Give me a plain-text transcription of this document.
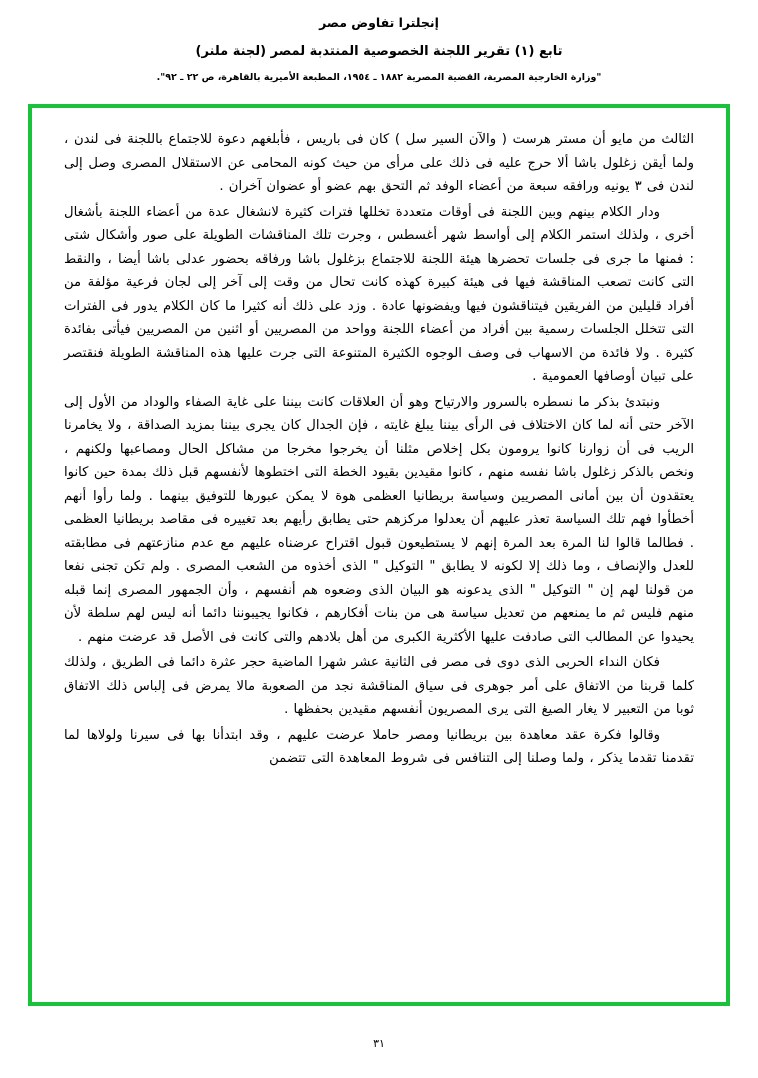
إنجلترا تفاوض مصر
تابع (١) تقرير اللجنة الخصوصية المنتدبة لمصر (لجنة ملنر)
"وزارة الخارجية المصرية، القضية المصرية ١٨٨٢ ـ ١٩٥٤، المطبعة الأميرية بالقاهرة، ص ٢٢ ـ ٩٢".

الثالث من مايو أن مستر هرست ( والآن السير سل ) كان فى باريس ، فأبلغهم دعوة للاجتماع باللجنة فى لندن ، ولما أيقن زغلول باشا ألا حرج عليه فى ذلك على مرأى من حيث كونه المحامى عن الاستقلال المصرى وصل إلى لندن فى ٣ يونيه ورافقه سبعة من أعضاء الوفد ثم التحق بهم عضو أو عضوان آخران .

ودار الكلام بينهم وبين اللجنة فى أوقات متعددة تخللها فترات كثيرة لانشغال عدة من أعضاء اللجنة بأشغال أخرى ، ولذلك استمر الكلام إلى أواسط شهر أغسطس ، وجرت تلك المناقشات الطويلة على صور وأشكال شتى : فمنها ما جرى فى جلسات تحضرها هيئة اللجنة للاجتماع بزغلول باشا ورفاقه بحضور عدلى باشا أيضا ، والنقط التى كانت تصعب المناقشة فيها فى هيئة كبيرة كهذه كانت تحال من وقت إلى آخر إلى لجان فرعية مؤلفة من أفراد قليلين من الفريقين فيتناقشون فيها ويفضونها عادة . وزد على ذلك أنه كثيرا ما كان الكلام يدور فى الفترات التى تتخلل الجلسات رسمية بين أفراد من أعضاء اللجنة وواحد من المصريين أو اثنين من المصريين فيأتى بفائدة كثيرة . ولا فائدة من الاسهاب فى وصف الوجوه الكثيرة المتنوعة التى جرت عليها هذه المناقشة الطويلة فنقتصر على تبيان أوصافها العمومية .

ونبتدئ بذكر ما نسطره بالسرور والارتياح وهو أن العلاقات كانت بيننا على غاية الصفاء والوداد من الأول إلى الآخر حتى أنه لما كان الاختلاف فى الرأى بيننا يبلغ غايته ، فإن الجدال كان يجرى بيننا بمزيد الصداقة ، ولا يخامرنا الريب فى أن زوارنا كانوا يرومون بكل إخلاص مثلنا أن يخرجوا مخرجا من مشاكل الحال ومصاعبها ولكنهم ، ونخص بالذكر زغلول باشا نفسه منهم ، كانوا مقيدين بقيود الخطة التى اختطوها لأنفسهم قبل ذلك بمدة حين كانوا يعتقدون أن بين أمانى المصريين وسياسة بريطانيا العظمى هوة لا يمكن عبورها للتوفيق بينهما . ولما رأوا أنهم أخطأوا فهم تلك السياسة تعذر عليهم أن يعدلوا مركزهم حتى يطابق رأيهم بعد تغييره فى مقاصد بريطانيا العظمى . فطالما قالوا لنا المرة بعد المرة إنهم لا يستطيعون قبول اقتراح عرضناه عليهم مع عدم منازعتهم فى مطابقته للعدل والإنصاف ، وما ذلك إلا لكونه لا يطابق " التوكيل " الذى أخذوه من الشعب المصرى . ولم تكن تجنى نفعا من قولنا لهم إن " التوكيل " الذى يدعونه هو البيان الذى وضعوه هم أنفسهم ، وأن الجمهور المصرى إنما قبله منهم فليس ثم ما يمنعهم من تعديل سياسة هى من بنات أفكارهم ، فكانوا يجيبوننا دائما أنه ليس لهم سلطة لأن يحيدوا عن المطالب التى صادفت عليها الأكثرية الكبرى من أهل بلادهم والتى كانت فى الأصل قد عرضت منهم .

فكان النداء الحربى الذى دوى فى مصر فى الثانية عشر شهرا الماضية حجر عثرة دائما فى الطريق ، ولذلك كلما قربنا من الاتفاق على أمر جوهرى فى سياق المناقشة نجد من الصعوبة مالا يمرض فى إلباس ذلك الاتفاق ثوبا من التعبير لا يغار الصيغ التى يرى المصريون أنفسهم مقيدين بحفظها .

وقالوا فكرة عقد معاهدة بين بريطانيا ومصر حاملا عرضت عليهم ، وقد ابتدأنا بها فى سيرنا ولولاها لما تقدمنا تقدما يذكر ، ولما وصلنا إلى التنافس فى شروط المعاهدة التى تتضمن

٣١
